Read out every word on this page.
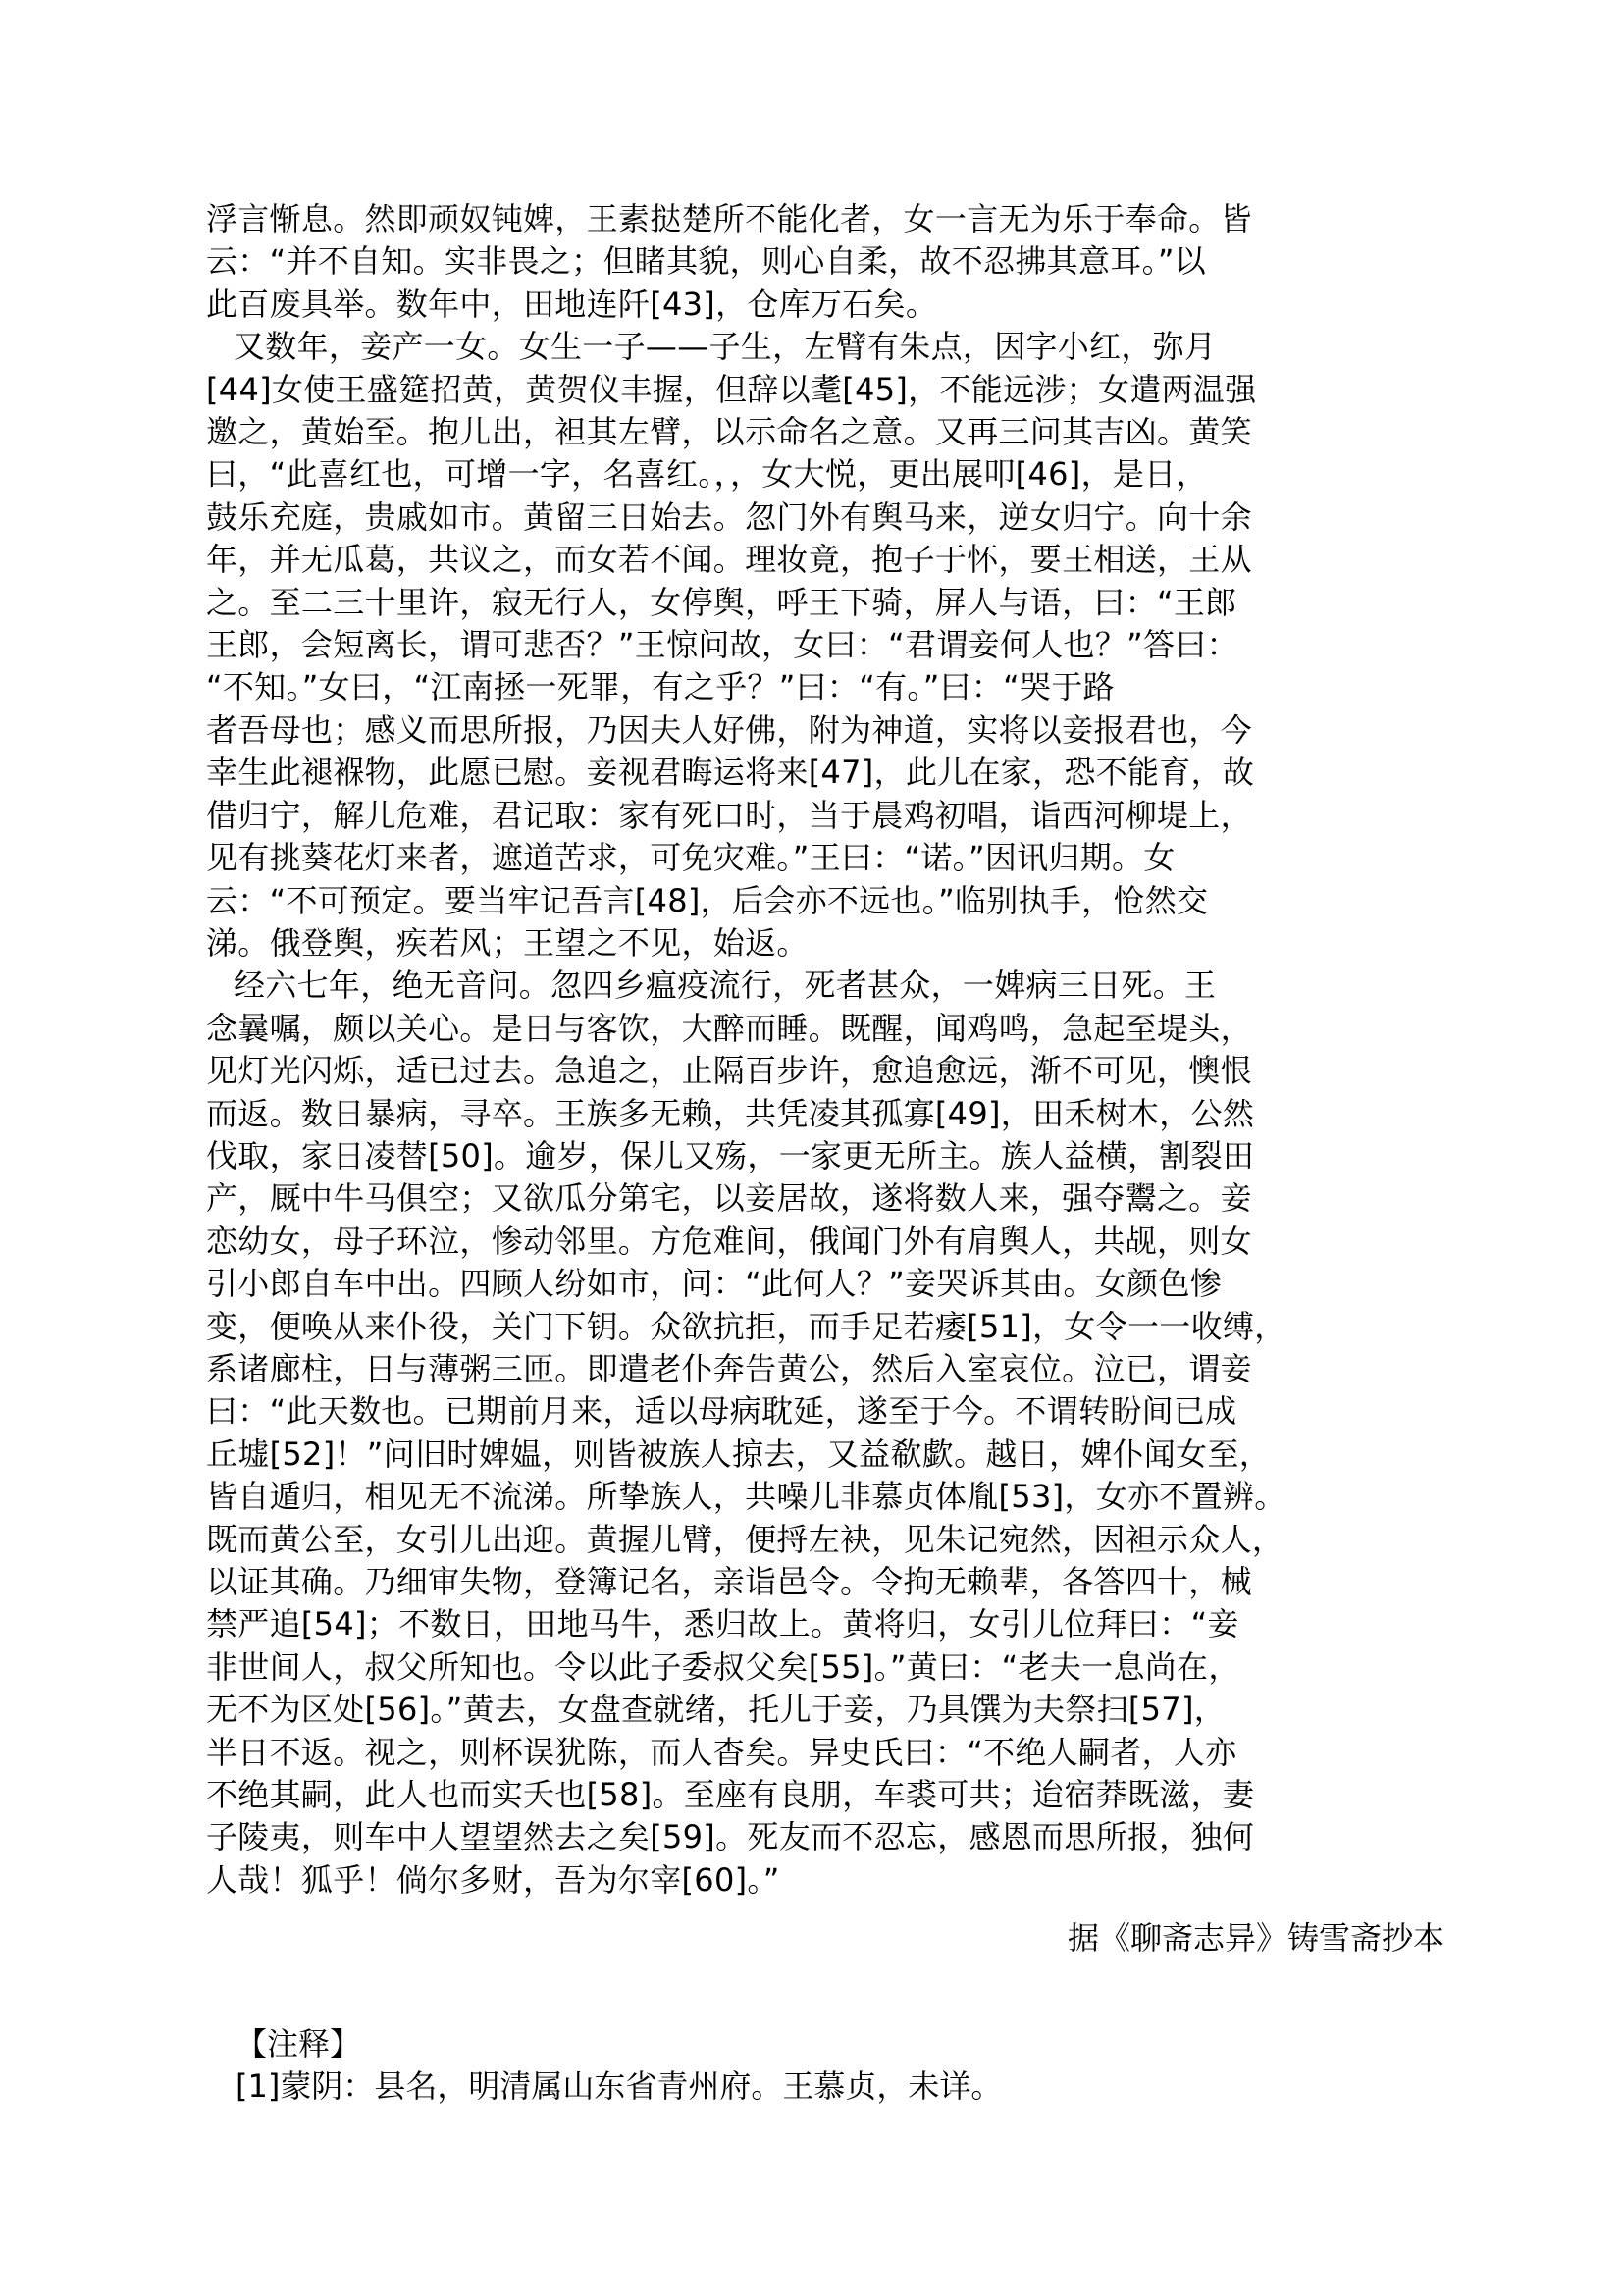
浮言惭息。然即顽奴钝婢，王素挞楚所不能化者，女一言无为乐于奉命。皆
云：“并不自知。实非畏之；但睹其貌，则心自柔，故不忍拂其意耳。”以
此百废具举。数年中，田地连阡[43]，仓库万石矣。
又数年，妾产一女。女生一子——子生，左臂有朱点，因字小红，弥月
[44]女使王盛筵招黄，黄贺仪丰握，但辞以耄[45]，不能远涉；女遣两温强
邀之，黄始至。抱儿出，袒其左臂，以示命名之意。又再三问其吉凶。黄笑
曰，“此喜红也，可增一字，名喜红。，，女大悦，更出展叩[46]，是日，
鼓乐充庭，贵戚如市。黄留三日始去。忽门外有舆马来，逆女归宁。向十余
年，并无瓜葛，共议之，而女若不闻。理妆竟，抱子于怀，要王相送，王从
之。至二三十里许，寂无行人，女停舆，呼王下骑，屏人与语，曰：“王郎
王郎，会短离长，谓可悲否？”王惊问故，女曰：“君谓妾何人也？”答曰：
“不知。”女曰，“江南拯一死罪，有之乎？”曰：“有。”曰：“哭于路
者吾母也；感义而思所报，乃因夫人好佛，附为神道，实将以妾报君也，今
幸生此褪褓物，此愿已慰。妾视君晦运将来[47]，此儿在家，恐不能育，故
借归宁，解儿危难，君记取：家有死口时，当于晨鸡初唱，诣西河柳堤上，
见有挑葵花灯来者，遮道苦求，可免灾难。”王曰：“诺。”因讯归期。女
云：“不可预定。要当牢记吾言[48]，后会亦不远也。”临别执手，怆然交
涕。俄登舆，疾若风；王望之不见，始返。
经六七年，绝无音问。忽四乡瘟疫流行，死者甚众，一婢病三日死。王
念曩嘱，颇以关心。是日与客饮，大醉而睡。既醒，闻鸡鸣，急起至堤头，
见灯光闪烁，适已过去。急追之，止隔百步许，愈追愈远，渐不可见，懊恨
而返。数日暴病，寻卒。王族多无赖，共凭凌其孤寡[49]，田禾树木，公然
伐取，家日凌替[50]。逾岁，保儿又殇，一家更无所主。族人益横，割裂田
产，厩中牛马俱空；又欲瓜分第宅，以妾居故，遂将数人来，强夺鬻之。妾
恋幼女，母子环泣，惨动邻里。方危难间，俄闻门外有肩舆人，共觇，则女
引小郎自车中出。四顾人纷如市，问：“此何人？”妾哭诉其由。女颜色惨
变，便唤从来仆役，关门下钥。众欲抗拒，而手足若痿[51]，女令一一收缚，
系诸廊柱，日与薄粥三匝。即遣老仆奔告黄公，然后入室哀位。泣已，谓妾
曰：“此天数也。已期前月来，适以母病耽延，遂至于今。不谓转盼间已成
丘墟[52]！”问旧时婢媪，则皆被族人掠去，又益欷歔。越日，婢仆闻女至，
皆自遁归，相见无不流涕。所挚族人，共噪儿非慕贞体胤[53]，女亦不置辨。
既而黄公至，女引儿出迎。黄握儿臂，便捋左袂，见朱记宛然，因袒示众人，
以证其确。乃细审失物，登簿记名，亲诣邑令。令拘无赖辈，各答四十，械
禁严追[54]；不数日，田地马牛，悉归故上。黄将归，女引儿位拜曰：“妾
非世间人，叔父所知也。令以此子委叔父矣[55]。”黄曰：“老夫一息尚在，
无不为区处[56]。”黄去，女盘查就绪，托儿于妾，乃具馔为夫祭扫[57]，
半日不返。视之，则杯误犹陈，而人杳矣。异史氏曰：“不绝人嗣者，人亦
不绝其嗣，此人也而实夭也[58]。至座有良朋，车裘可共；迨宿莽既滋，妻
子陵夷，则车中人望望然去之矣[59]。死友而不忍忘，感恩而思所报，独何
人哉！狐乎！倘尔多财，吾为尔宰[60]。”
据《聊斋志异》铸雪斋抄本
【注释】
[1]蒙阴：县名，明清属山东省青州府。王慕贞，未详。
